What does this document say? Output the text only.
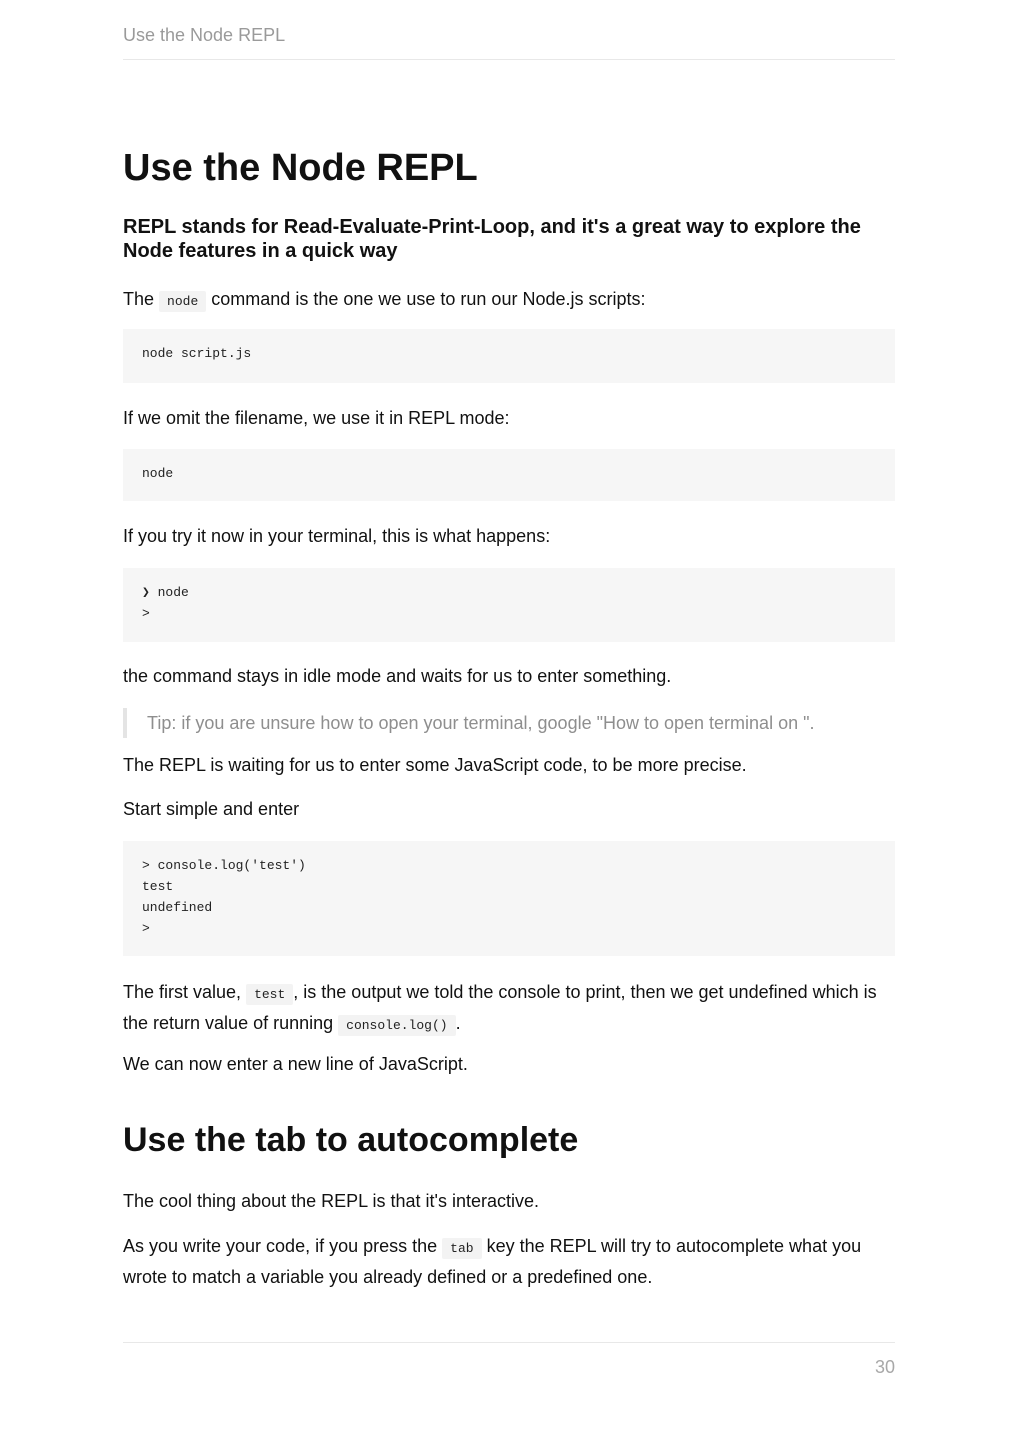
Use the Node REPL
Use the Node REPL

REPL stands for Read-Evaluate-Print-Loop, and it's a great way to explore the Node features in a quick way

The node command is the one we use to run our Node.js scripts:

node script.js

If we omit the filename, we use it in REPL mode:

node

If you try it now in your terminal, this is what happens:

❯ node
>

the command stays in idle mode and waits for us to enter something.

Tip: if you are unsure how to open your terminal, google "How to open terminal on ".

The REPL is waiting for us to enter some JavaScript code, to be more precise.

Start simple and enter

> console.log('test')
test
undefined
>

The first value, test , is the output we told the console to print, then we get undefined which is the return value of running console.log() .

We can now enter a new line of JavaScript.

Use the tab to autocomplete

The cool thing about the REPL is that it's interactive.

As you write your code, if you press the tab key the REPL will try to autocomplete what you wrote to match a variable you already defined or a predefined one.

30
